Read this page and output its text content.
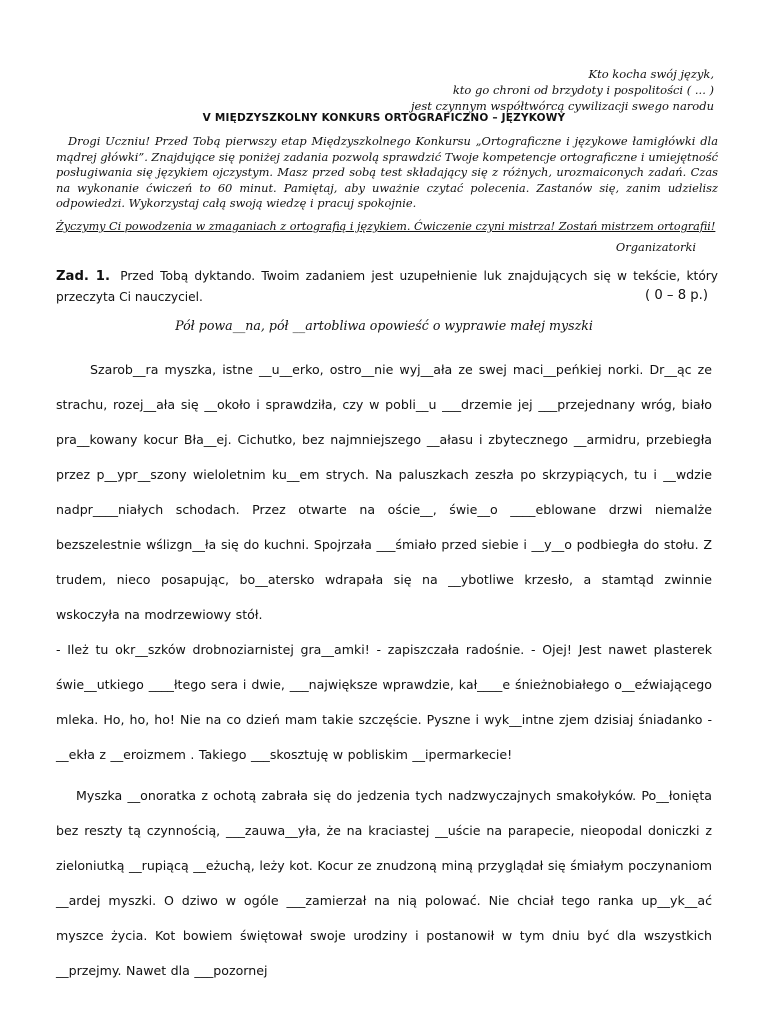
Kto kocha swój język,
kto go chroni od brzydoty i pospolitości ( ... )
jest czynnym współtwórcą cywilizacji swego narodu
V MIĘDZYSZKOLNY KONKURS ORTOGRAFICZNO – JĘZYKOWY

Drogi Uczniu! Przed Tobą pierwszy etap Międzyszkolnego Konkursu „Ortograficzne i językowe łamigłówki dla mądrej główki”. Znajdujące się poniżej zadania pozwolą sprawdzić Twoje kompetencje ortograficzne i umiejętność posługiwania się językiem ojczystym. Masz przed sobą test składający się z różnych, urozmaiconych zadań. Czas na wykonanie ćwiczeń to 60 minut. Pamiętaj, aby uważnie czytać polecenia. Zastanów się, zanim udzielisz odpowiedzi. Wykorzystaj całą swoją wiedzę i pracuj spokojnie.

Życzymy Ci powodzenia w zmaganiach z ortografią i językiem. Ćwiczenie czyni mistrza! Zostań mistrzem ortografii!

Organizatorki

Zad. 1. Przed Tobą dyktando. Twoim zadaniem jest uzupełnienie luk znajdujących się w tekście, który przeczyta Ci nauczyciel.	( 0 – 8 p.)

Pół powa__na, pół __artobliwa opowieść o wyprawie małej myszki

Szarob__ra myszka, istne __u__erko, ostro__nie wyj__ała ze swej maci__peńkiej norki. Dr__ąc ze strachu, rozej__ała się __około i sprawdziła, czy w pobli__u ___drzemie jej ___przejednany wróg, biało pra__kowany kocur Bła__ej. Cichutko, bez najmniejszego __ałasu i zbytecznego __armidru, przebiegła przez p__ypr__szony wieloletnim ku__em strych. Na paluszkach zeszła po skrzypiących, tu i __wdzie nadpr____niałych schodach. Przez otwarte na oście__, świe__o ____eblowane drzwi niemalże bezszelestnie wślizgn__ła się do kuchni. Spojrzała ___śmiało przed siebie i __y__o podbiegła do stołu. Z trudem, nieco posapując, bo__atersko wdrapała się na __ybotliwe krzesło, a stamtąd zwinnie wskoczyła na modrzewiowy stół.

- Ileż tu okr__szków drobnoziarnistej gra__amki! - zapiszczała radośnie. - Ojej! Jest nawet plasterek świe__utkiego ____łtego sera i dwie, ___największe wprawdzie, kał____e śnieżnobiałego o__eźwiającego mleka. Ho, ho, ho! Nie na co dzień mam takie szczęście. Pyszne i wyk__intne zjem dzisiaj śniadanko - __ekła z __eroizmem . Takiego ___skosztuję w pobliskim __ipermarkecie!

Myszka __onoratka z ochotą zabrała się do jedzenia tych nadzwyczajnych smakołyków. Po__łonięta bez reszty tą czynnością, ___zauwa__yła, że na kraciastej __uście na parapecie, nieopodal doniczki z zieloniutką __rupiącą __eżuchą, leży kot. Kocur ze znudzoną miną przyglądał się śmiałym poczynaniom __ardej myszki. O dziwo w ogóle ___zamierzał na nią polować. Nie chciał tego ranka up__yk__ać myszce życia. Kot bowiem świętował swoje urodziny i postanowił w tym dniu być dla wszystkich __przejmy. Nawet dla ___pozornej
